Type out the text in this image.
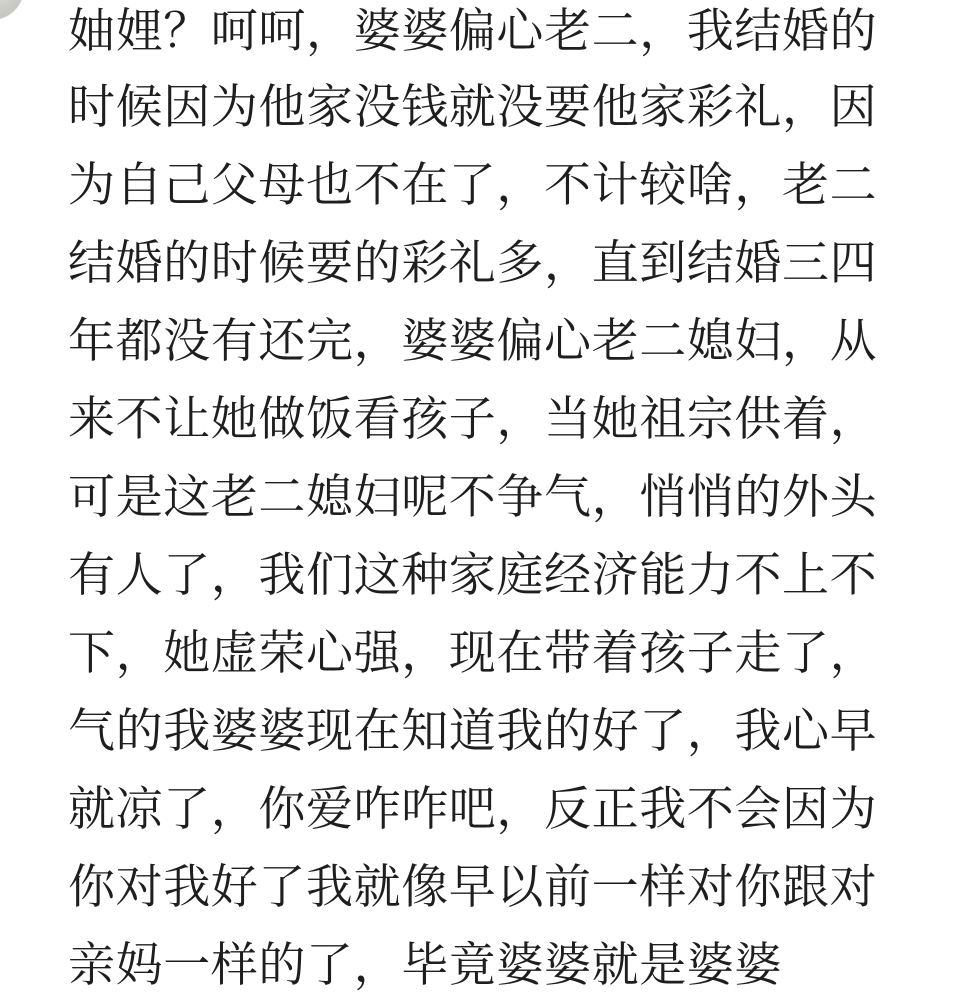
妯娌？呵呵，婆婆偏心老二，我结婚的
时候因为他家没钱就没要他家彩礼，因
为自己父母也不在了，不计较啥，老二
结婚的时候要的彩礼多，直到结婚三四
年都没有还完，婆婆偏心老二媳妇，从
来不让她做饭看孩子，当她祖宗供着，
可是这老二媳妇呢不争气，悄悄的外头
有人了，我们这种家庭经济能力不上不
下，她虚荣心强，现在带着孩子走了，
气的我婆婆现在知道我的好了，我心早
就凉了，你爱咋咋吧，反正我不会因为
你对我好了我就像早以前一样对你跟对
亲妈一样的了，毕竟婆婆就是婆婆
